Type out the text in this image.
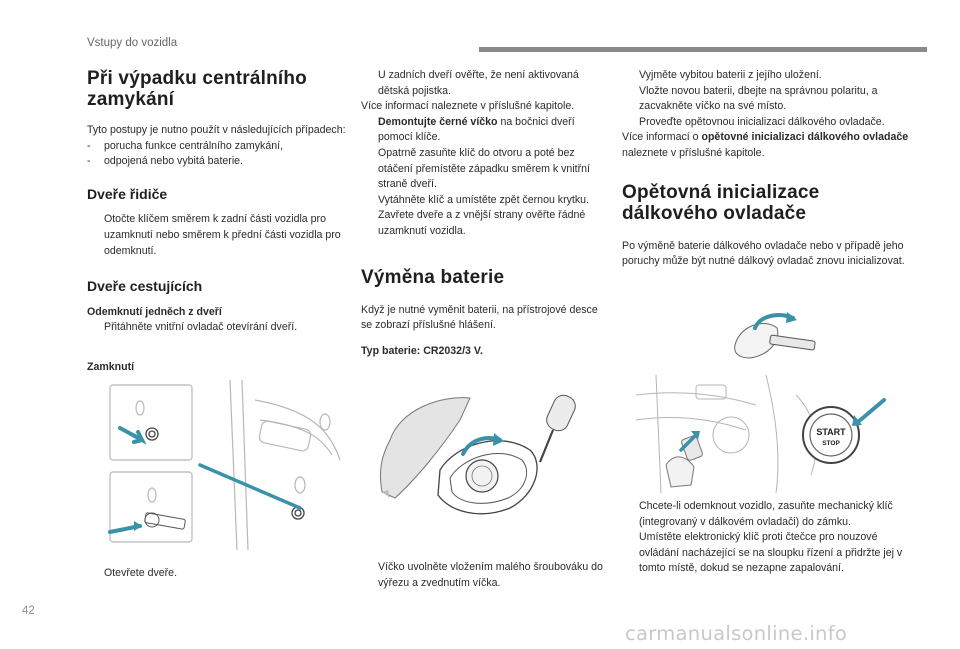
Vstupy do vozidla
Při výpadku centrálního
zamykání

Tyto postupy je nutno použít v následujících případech:

-	porucha funkce centrálního zamykání,
-	odpojená nebo vybitá baterie.
Dveře řidiče
Otočte klíčem směrem k zadní části vozidla pro uzamknutí nebo směrem k přední části vozidla pro odemknutí.
Dveře cestujících

Odemknutí jedněch z dveří

Přitáhněte vnitřní ovladač otevírání dveří.

Zamknutí

Otevřete dveře.
U zadních dveří ověřte, že není aktivovaná dětská pojistka.

Více informací naleznete v příslušné kapitole.

Demontujte černé víčko na bočnici dveří pomocí klíče.
Opatrně zasuňte klíč do otvoru a poté bez otáčení přemístěte západku směrem k vnitřní straně dveří.
Vytáhněte klíč a umístěte zpět černou krytku.
Zavřete dveře a z vnější strany ověřte řádné uzamknutí vozidla.
Výměna baterie

Když je nutné vyměnit baterii, na přístrojové desce se zobrazí příslušné hlášení.

Typ baterie: CR2032/3 V.

Víčko uvolněte vložením malého šroubováku do výřezu a zvednutím víčka.
Vyjměte vybitou baterii z jejího uložení.
Vložte novou baterii, dbejte na správnou polaritu, a zacvakněte víčko na své místo.
Proveďte opětovnou inicializaci dálkového ovladače.

Více informací o opětovné inicializaci dálkového ovladače naleznete v příslušné kapitole.

Opětovná inicializace
dálkového ovladače

Po výměně baterie dálkového ovladače nebo v případě jeho poruchy může být nutné dálkový ovladač znovu inicializovat.

START
STOP
Chcete-li odemknout vozidlo, zasuňte mechanický klíč (integrovaný v dálkovém ovladači) do zámku.
Umístěte elektronický klíč proti čtečce pro nouzové ovládání nacházející se na sloupku řízení a přidržte jej v tomto místě, dokud se nezapne zapalování.
42
carmanualsonline.info
